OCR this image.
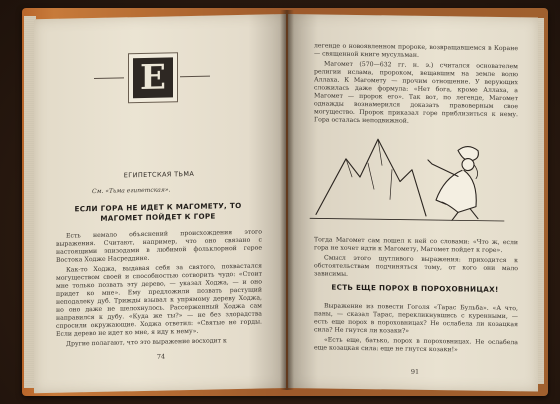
Е
ЕГИПЕТСКАЯ ТЬМА
См. «Тьма египетская».
ЕСЛИ ГОРА НЕ ИДЕТ К МАГОМЕТУ, ТО МАГОМЕТ ПОЙДЕТ К ГОРЕ

Есть немало объяснений происхождения этого выражения. Считают, например, что оно связано с настоящими эпизодами в любимой фольклорной герое Востока Ходже Насреддине.

Как-то Ходжа, выдавая себя за святого, похвастался могуществом своей и способностью сотворить чудо: «Стоит мне только позвать эту дерево, — указал Ходжа, — и оно придет ко мне». Ему предложили позвать растущий неподалеку дуб. Трижды взывал к упрямому дереву Ходжа, но оно даже не шелохнулось. Рассерженный Ходжа сам направился к дубу. «Куда же ты?» — не без злорадства спросили окружающие. Ходжа ответил: «Святые не горды. Если дерево не идет ко мне, я иду к нему».

Другие полагают, что это выражение восходит к

74

легенде о новоявленном пророке, возвращавшемся в Коране — священной книге мусульман.

Магомет (570—632 гг. н. э.) считался основателем религии ислама, пророком, вещавшим на земле волю Аллаха. К Магомету — прочим отношение. У верующих сложилась даже формула: «Нет бога, кроме Аллаха, а Магомет — пророк его». Так вот, по легенде, Магомет однажды вознамерился доказать правоверным свое могущество. Пророк приказал горе приблизиться к нему. Гора осталась неподвижной.

Тогда Магомет сам пошел к ней со словами: «Что ж, если гора не хочет идти к Магомету, Магомет пойдет к горе».

Смысл этого шутливого выражения: приходится к обстоятельствам подчиняться тому, от кого они мало зависимы.

ЕСТЬ ЕЩЕ ПОРОХ В ПОРОХОВНИЦАХ!

Выражение из повести Гоголя «Тарас Бульба». «А что, паны, — сказал Тарас, перекликнувшись с куренными, — есть еще порох в пороховницах? Не ослабела ли козацкая сила? Не гнутся ли козаки?»

«Есть еще, батько, порох в пороховницах. Не ослабела еще козацкая сила: еще не гнутся козаки!»

91
